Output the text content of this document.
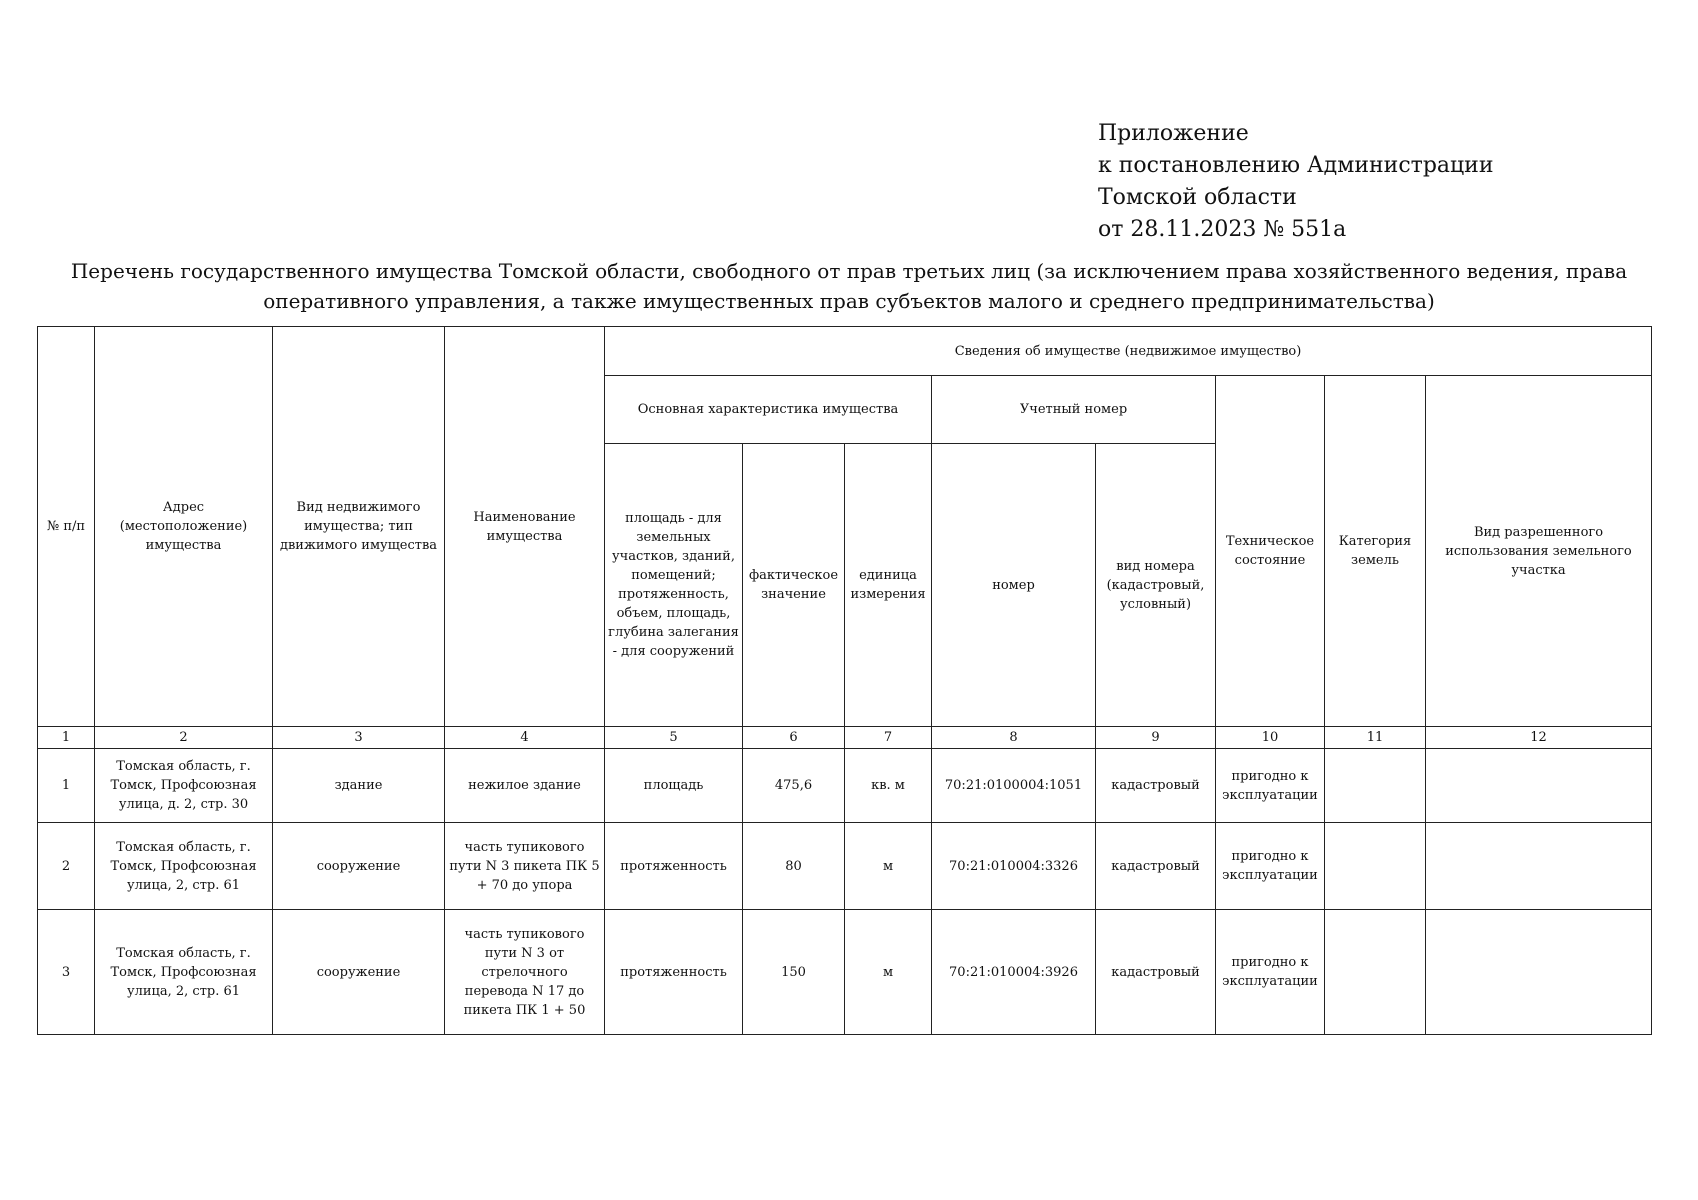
Приложение
к постановлению Администрации
Томской области
от 28.11.2023 № 551а
Перечень государственного имущества Томской области, свободного от прав третьих лиц (за исключением права хозяйственного ведения, права оперативного управления, а также имущественных прав субъектов малого и среднего предпринимательства)
№ п/п	Адрес (местоположение) имущества	Вид недвижимого имущества; тип движимого имущества	Наименование имущества	Сведения об имуществе (недвижимое имущество)							
				Основная характеристика имущества			Учетный номер		Техническое состояние	Категория земель	Вид разрешенного использования земельного участка
				площадь - для земельных участков, зданий, помещений; протяженность, объем, площадь, глубина залегания - для сооружений	фактическое значение	единица измерения	номер	вид номера (кадастровый, условный)			
1	2	3	4	5	6	7	8	9	10	11	12
1	Томская область, г. Томск, Профсоюзная улица, д. 2, стр. 30	здание	нежилое здание	площадь	475,6	кв. м	70:21:0100004:1051	кадастровый	пригодно к эксплуатации		
2	Томская область, г. Томск, Профсоюзная улица, 2, стр. 61	сооружение	часть тупикового пути N 3 пикета ПК 5 + 70 до упора	протяженность	80	м	70:21:010004:3326	кадастровый	пригодно к эксплуатации		
3	Томская область, г. Томск, Профсоюзная улица, 2, стр. 61	сооружение	часть тупикового пути N 3 от стрелочного перевода N 17 до пикета ПК 1 + 50	протяженность	150	м	70:21:010004:3926	кадастровый	пригодно к эксплуатации		
